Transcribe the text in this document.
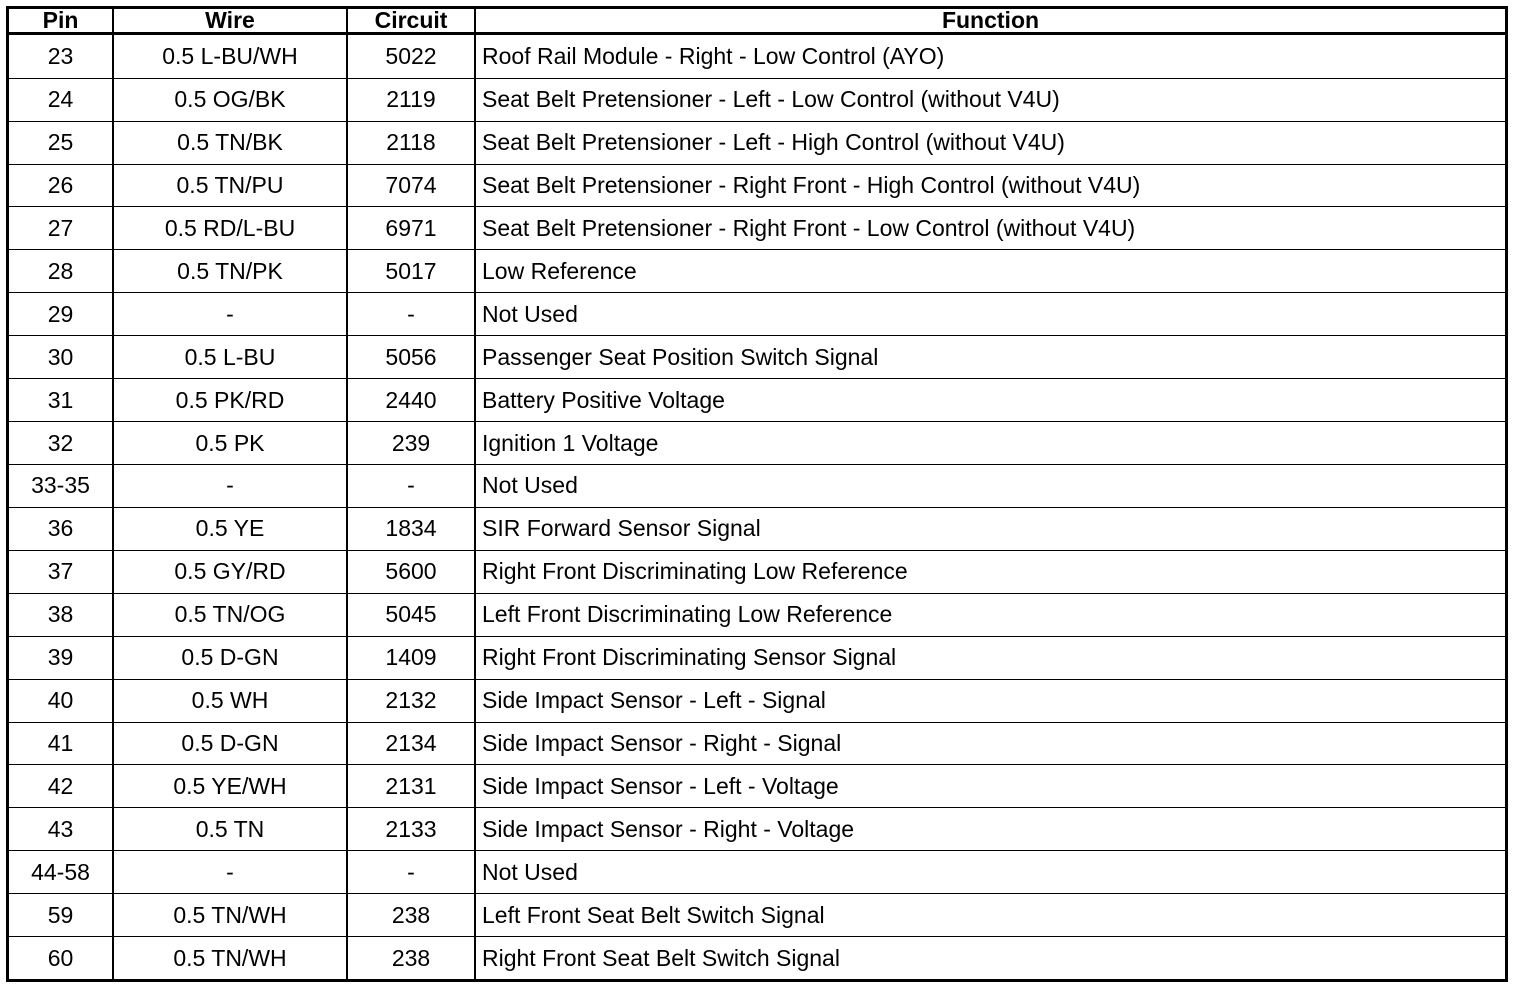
Pin	Wire	Circuit	Function
23	0.5 L-BU/WH	5022	Roof Rail Module - Right - Low Control (AYO)
24	0.5 OG/BK	2119	Seat Belt Pretensioner - Left - Low Control (without V4U)
25	0.5 TN/BK	2118	Seat Belt Pretensioner - Left - High Control (without V4U)
26	0.5 TN/PU	7074	Seat Belt Pretensioner - Right Front - High Control (without V4U)
27	0.5 RD/L-BU	6971	Seat Belt Pretensioner - Right Front - Low Control (without V4U)
28	0.5 TN/PK	5017	Low Reference
29	-	-	Not Used
30	0.5 L-BU	5056	Passenger Seat Position Switch Signal
31	0.5 PK/RD	2440	Battery Positive Voltage
32	0.5 PK	239	Ignition 1 Voltage
33-35	-	-	Not Used
36	0.5 YE	1834	SIR Forward Sensor Signal
37	0.5 GY/RD	5600	Right Front Discriminating Low Reference
38	0.5 TN/OG	5045	Left Front Discriminating Low Reference
39	0.5 D-GN	1409	Right Front Discriminating Sensor Signal
40	0.5 WH	2132	Side Impact Sensor - Left - Signal
41	0.5 D-GN	2134	Side Impact Sensor - Right - Signal
42	0.5 YE/WH	2131	Side Impact Sensor - Left - Voltage
43	0.5 TN	2133	Side Impact Sensor - Right - Voltage
44-58	-	-	Not Used
59	0.5 TN/WH	238	Left Front Seat Belt Switch Signal
60	0.5 TN/WH	238	Right Front Seat Belt Switch Signal
